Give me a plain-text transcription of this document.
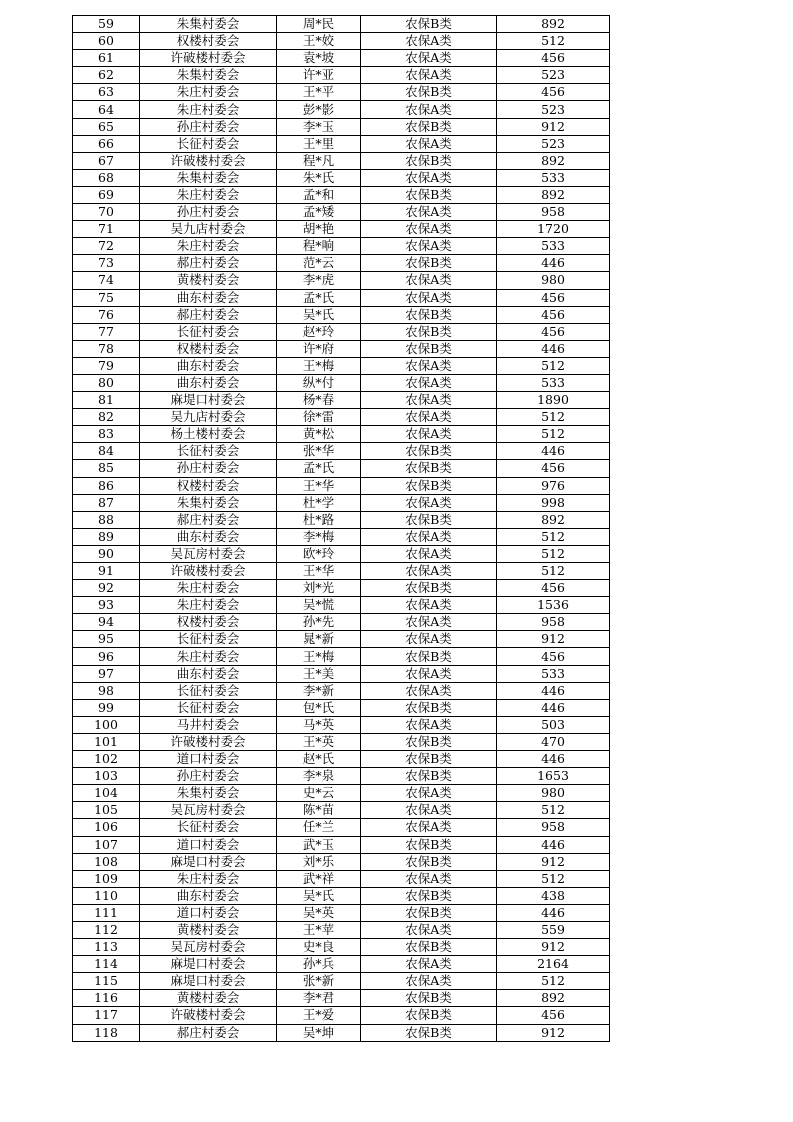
59	朱集村委会	周*民	农保B类	892
60	权楼村委会	王*姣	农保A类	512
61	许破楼村委会	袁*坡	农保A类	456
62	朱集村委会	许*亚	农保A类	523
63	朱庄村委会	王*平	农保B类	456
64	朱庄村委会	彭*影	农保A类	523
65	孙庄村委会	李*玉	农保B类	912
66	长征村委会	王*里	农保A类	523
67	许破楼村委会	程*凡	农保B类	892
68	朱集村委会	朱*氏	农保A类	533
69	朱庄村委会	孟*和	农保B类	892
70	孙庄村委会	孟*矮	农保A类	958
71	吴九店村委会	胡*艳	农保A类	1720
72	朱庄村委会	程*响	农保A类	533
73	郝庄村委会	范*云	农保B类	446
74	黄楼村委会	李*虎	农保A类	980
75	曲东村委会	孟*氏	农保A类	456
76	郝庄村委会	吴*氏	农保B类	456
77	长征村委会	赵*玲	农保B类	456
78	权楼村委会	许*府	农保B类	446
79	曲东村委会	王*梅	农保A类	512
80	曲东村委会	纵*付	农保A类	533
81	麻堤口村委会	杨*春	农保A类	1890
82	吴九店村委会	徐*雷	农保A类	512
83	杨土楼村委会	黄*松	农保A类	512
84	长征村委会	张*华	农保B类	446
85	孙庄村委会	孟*氏	农保B类	456
86	权楼村委会	王*华	农保B类	976
87	朱集村委会	杜*学	农保A类	998
88	郝庄村委会	杜*路	农保B类	892
89	曲东村委会	李*梅	农保A类	512
90	吴瓦房村委会	欧*玲	农保A类	512
91	许破楼村委会	王*华	农保A类	512
92	朱庄村委会	刘*光	农保B类	456
93	朱庄村委会	吴*慌	农保A类	1536
94	权楼村委会	孙*先	农保A类	958
95	长征村委会	晁*新	农保A类	912
96	朱庄村委会	王*梅	农保B类	456
97	曲东村委会	王*美	农保A类	533
98	长征村委会	李*新	农保A类	446
99	长征村委会	包*氏	农保B类	446
100	马井村委会	马*英	农保A类	503
101	许破楼村委会	王*英	农保B类	470
102	道口村委会	赵*氏	农保B类	446
103	孙庄村委会	李*泉	农保B类	1653
104	朱集村委会	史*云	农保A类	980
105	吴瓦房村委会	陈*苗	农保A类	512
106	长征村委会	任*兰	农保A类	958
107	道口村委会	武*玉	农保B类	446
108	麻堤口村委会	刘*乐	农保B类	912
109	朱庄村委会	武*祥	农保A类	512
110	曲东村委会	吴*氏	农保B类	438
111	道口村委会	吴*英	农保B类	446
112	黄楼村委会	王*苹	农保A类	559
113	吴瓦房村委会	史*良	农保B类	912
114	麻堤口村委会	孙*兵	农保A类	2164
115	麻堤口村委会	张*新	农保A类	512
116	黄楼村委会	李*君	农保B类	892
117	许破楼村委会	王*爱	农保B类	456
118	郝庄村委会	吴*坤	农保B类	912
